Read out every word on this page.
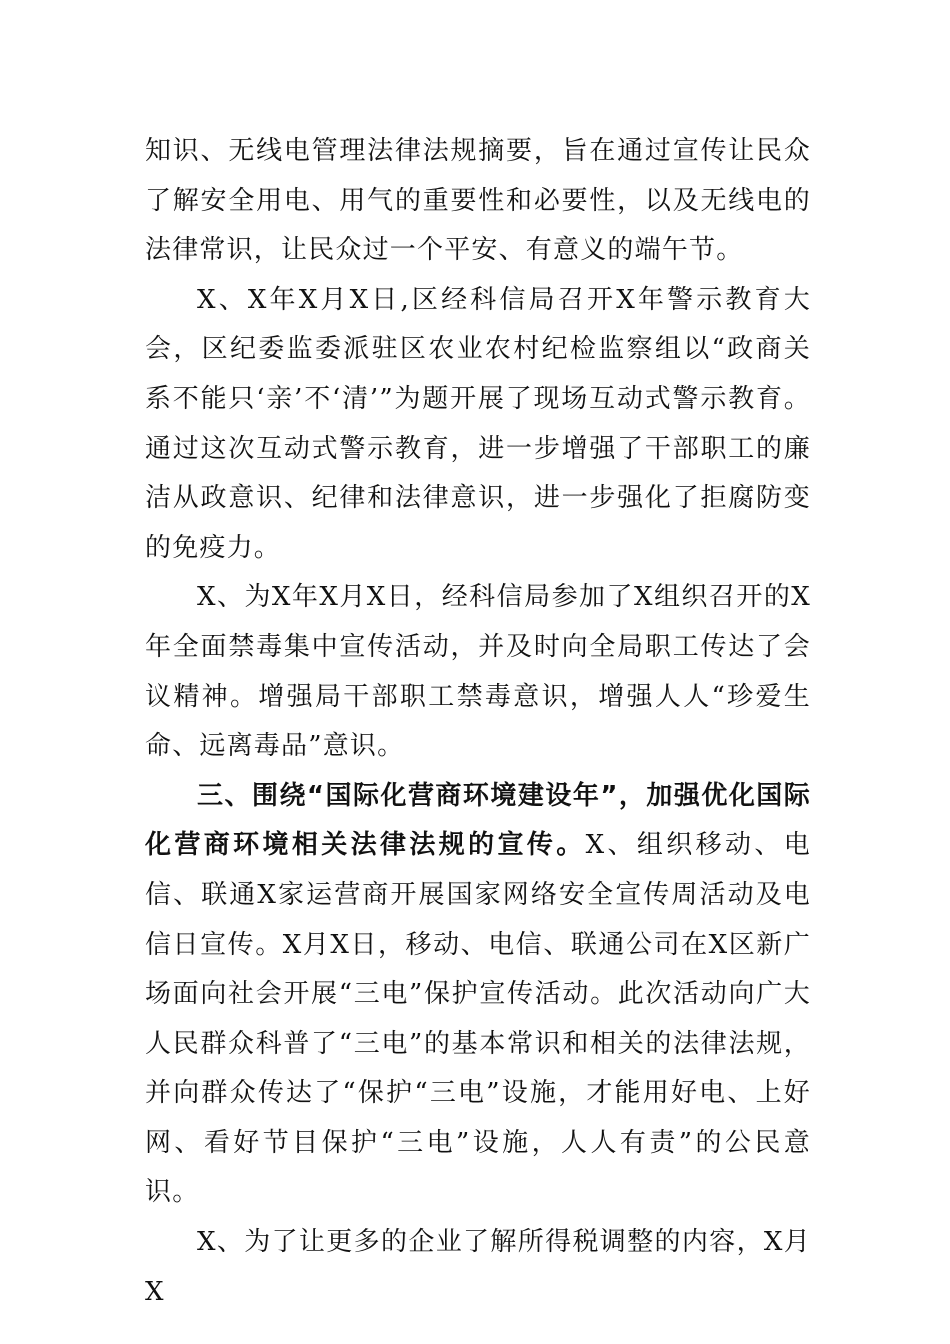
知识、无线电管理法律法规摘要，旨在通过宣传让民众了解安全用电、用气的重要性和必要性，以及无线电的法律常识，让民众过一个平安、有意义的端午节。

X、X年X月X日,区经科信局召开X年警示教育大会，区纪委监委派驻区农业农村纪检监察组以“政商关系不能只‘亲’不‘清’”为题开展了现场互动式警示教育。通过这次互动式警示教育，进一步增强了干部职工的廉洁从政意识、纪律和法律意识，进一步强化了拒腐防变的免疫力。

X、为X年X月X日，经科信局参加了X组织召开的X年全面禁毒集中宣传活动，并及时向全局职工传达了会议精神。增强局干部职工禁毒意识，增强人人“珍爱生命、远离毒品”意识。

三、围绕“国际化营商环境建设年”，加强优化国际化营商环境相关法律法规的宣传。X、组织移动、电信、联通X家运营商开展国家网络安全宣传周活动及电信日宣传。X月X日，移动、电信、联通公司在X区新广场面向社会开展“三电”保护宣传活动。此次活动向广大人民群众科普了“三电”的基本常识和相关的法律法规，并向群众传达了“保护“三电”设施，才能用好电、上好网、看好节目保护“三电”设施，人人有责”的公民意识。

X、为了让更多的企业了解所得税调整的内容，X月X
